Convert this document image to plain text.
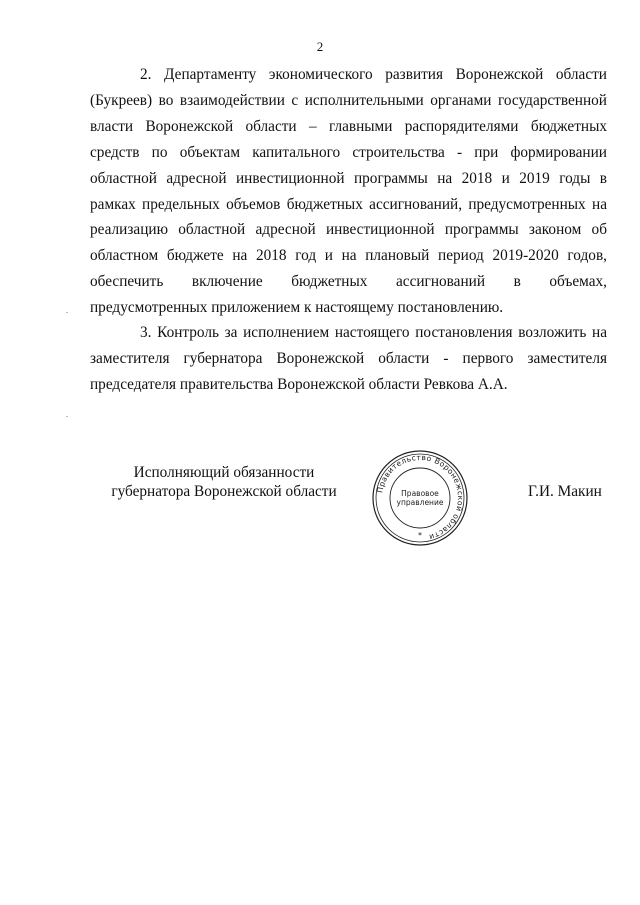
2

2. Департаменту экономического развития Воронежской области
(Букреев) во взаимодействии с исполнительными органами государственной
власти Воронежской области – главными распорядителями бюджетных
средств по объектам капитального строительства - при формировании
областной адресной инвестиционной программы на 2018 и 2019 годы в
рамках предельных объемов бюджетных ассигнований, предусмотренных на
реализацию областной адресной инвестиционной программы законом об
областном бюджете на 2018 год и на плановый период 2019-2020 годов,
обеспечить включение бюджетных ассигнований в объемах,
предусмотренных приложением к настоящему постановлению.

3. Контроль за исполнением настоящего постановления возложить на
заместителя губернатора Воронежской области - первого заместителя
председателя правительства Воронежской области Ревкова А.А.

Исполняющий обязанности
губернатора Воронежской области	Правительство Воронежской области
Правовое
управление
*
Г.И. Макин
